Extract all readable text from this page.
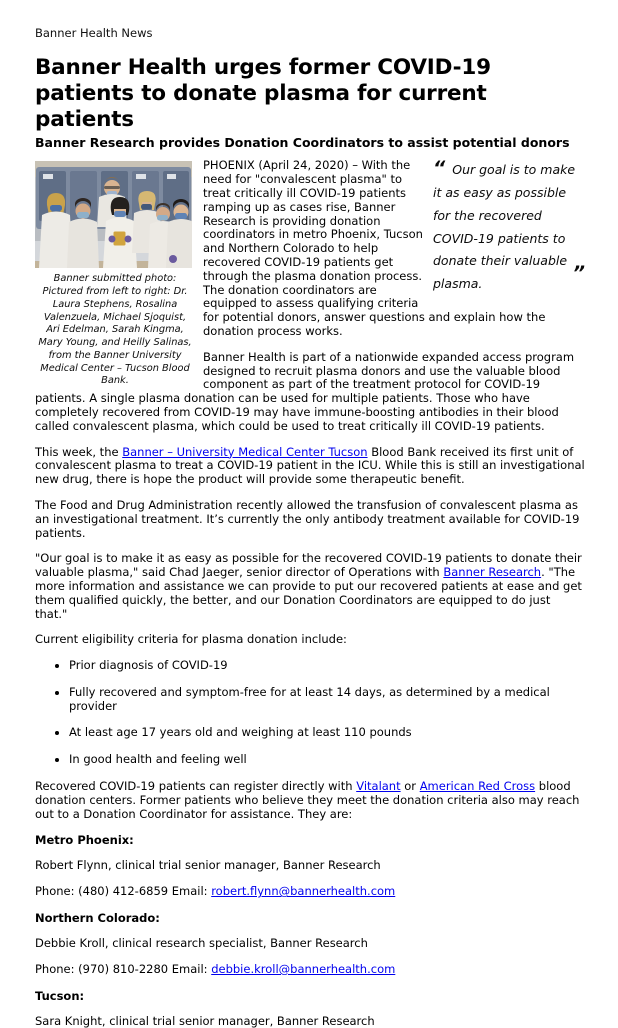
Banner Health News

Banner Health urges former COVID-19 patients to donate plasma for current patients
Banner Research provides Donation Coordinators to assist potential donors
Banner submitted photo: Pictured from left to right: Dr. Laura Stephens, Rosalina Valenzuela, Michael Sjoquist, Ari Edelman, Sarah Kingma, Mary Young, and Heilly Salinas, from the Banner University Medical Center – Tucson Blood Bank.
“ Our goal is to make it as easy as possible for the recovered COVID-19 patients to donate their valuable plasma.	”

PHOENIX (April 24, 2020) – With the need for "convalescent plasma" to treat critically ill COVID-19 patients ramping up as cases rise, Banner Research is providing donation coordinators in metro Phoenix, Tucson and Northern Colorado to help recovered COVID-19 patients get through the plasma donation process. The donation coordinators are equipped to assess qualifying criteria for potential donors, answer questions and explain how the donation process works.

Banner Health is part of a nationwide expanded access program designed to recruit plasma donors and use the valuable blood component as part of the treatment protocol for COVID-19 patients. A single plasma donation can be used for multiple patients. Those who have completely recovered from COVID-19 may have immune-boosting antibodies in their blood called convalescent plasma, which could be used to treat critically ill COVID-19 patients.

This week, the Banner – University Medical Center Tucson Blood Bank received its first unit of convalescent plasma to treat a COVID-19 patient in the ICU. While this is still an investigational new drug, there is hope the product will provide some therapeutic benefit.

The Food and Drug Administration recently allowed the transfusion of convalescent plasma as an investigational treatment. It’s currently the only antibody treatment available for COVID-19 patients.

"Our goal is to make it as easy as possible for the recovered COVID-19 patients to donate their valuable plasma," said Chad Jaeger, senior director of Operations with Banner Research. "The more information and assistance we can provide to put our recovered patients at ease and get them qualified quickly, the better, and our Donation Coordinators are equipped to do just that."

Current eligibility criteria for plasma donation include:

• Prior diagnosis of COVID-19
• Fully recovered and symptom-free for at least 14 days, as determined by a medical provider
• At least age 17 years old and weighing at least 110 pounds
• In good health and feeling well

Recovered COVID-19 patients can register directly with Vitalant or American Red Cross blood donation centers. Former patients who believe they meet the donation criteria also may reach out to a Donation Coordinator for assistance. They are:

Metro Phoenix:

Robert Flynn, clinical trial senior manager, Banner Research

Phone: (480) 412-6859 Email: robert.flynn@bannerhealth.com

Northern Colorado:

Debbie Kroll, clinical research specialist, Banner Research

Phone: (970) 810-2280 Email: debbie.kroll@bannerhealth.com

Tucson:

Sara Knight, clinical trial senior manager, Banner Research
